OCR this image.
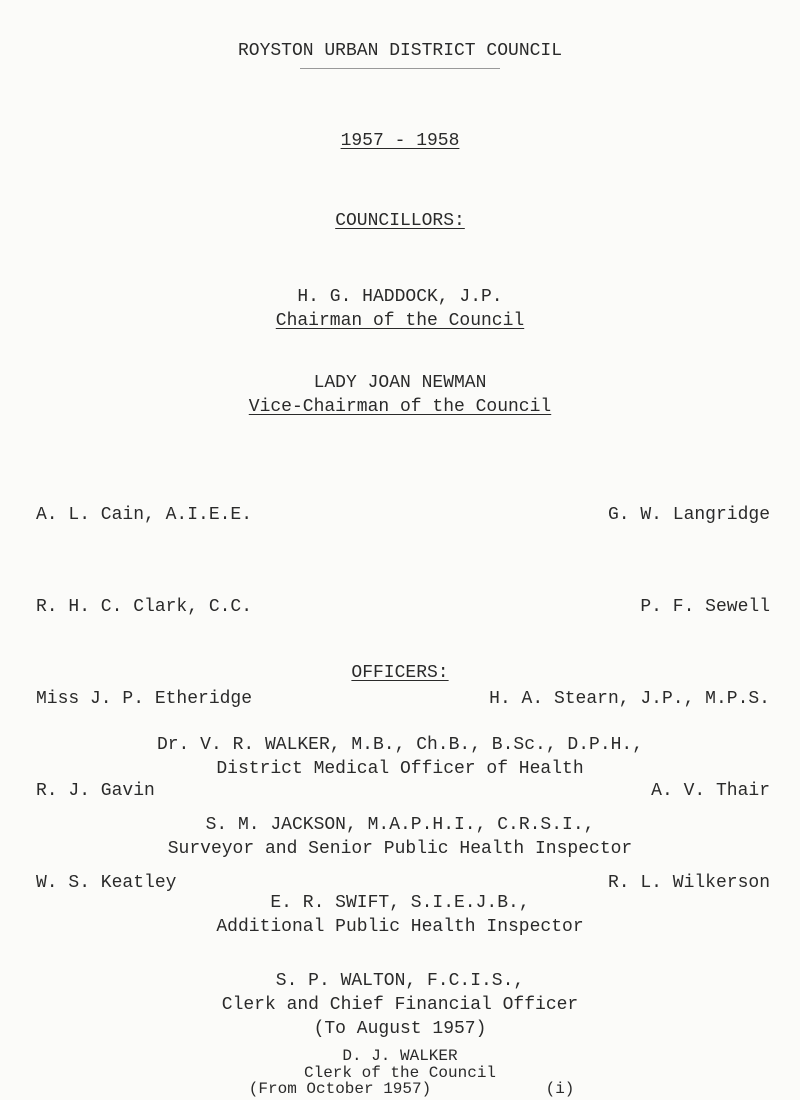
ROYSTON URBAN DISTRICT COUNCIL
1957 - 1958
COUNCILLORS:
H. G. HADDOCK, J.P.
Chairman of the Council
LADY JOAN NEWMAN
Vice-Chairman of the Council

A. L. Cain, A.I.E.E.

R. H. C. Clark, C.C.

Miss J. P. Etheridge

R. J. Gavin

W. S. Keatley

G. W. Langridge

P. F. Sewell

H. A. Stearn, J.P., M.P.S.

A. V. Thair

R. L. Wilkerson

OFFICERS:
Dr. V. R. WALKER, M.B., Ch.B., B.Sc., D.P.H.,
District Medical Officer of Health
S. M. JACKSON, M.A.P.H.I., C.R.S.I.,
Surveyor and Senior Public Health Inspector
E. R. SWIFT, S.I.E.J.B.,
Additional Public Health Inspector
S. P. WALTON, F.C.I.S.,
Clerk and Chief Financial Officer
(To August 1957)
D. J. WALKER
Clerk of the Council
(From October 1957)	(i)
